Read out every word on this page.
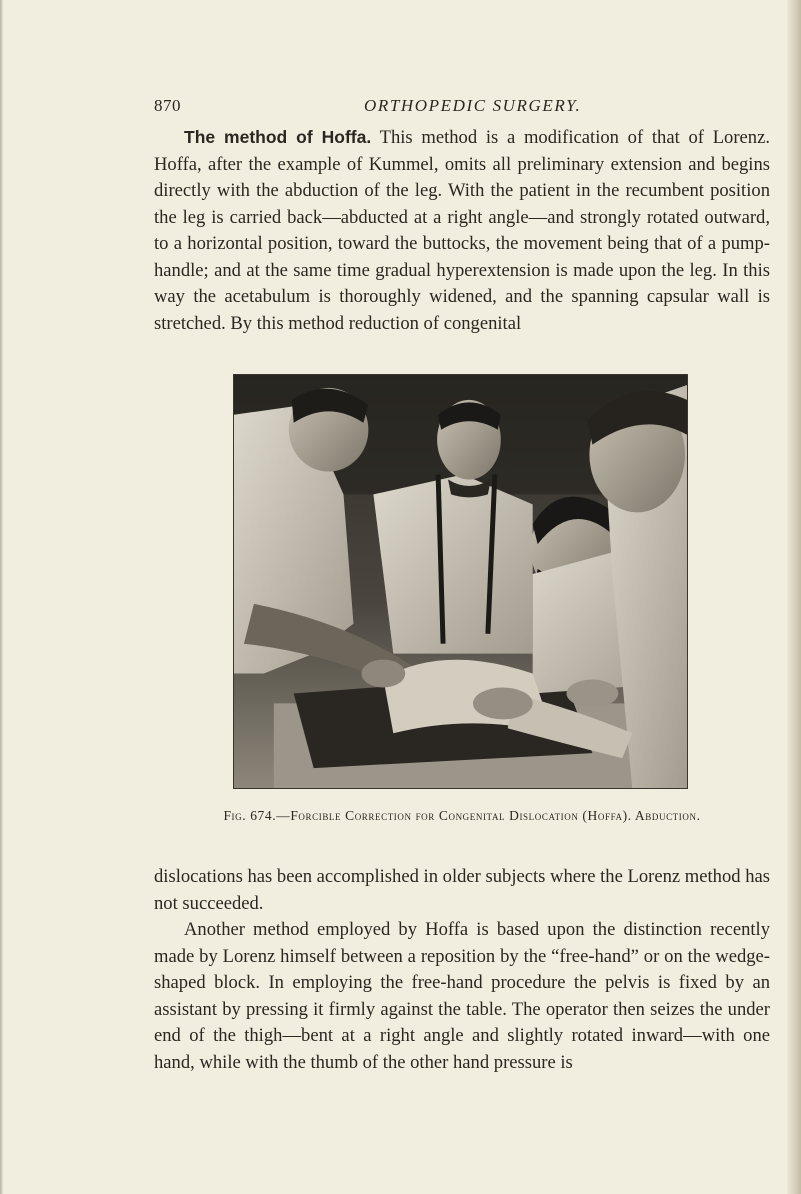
870	ORTHOPEDIC SURGERY.

The method of Hoffa. This method is a modification of that of Lorenz. Hoffa, after the example of Kummel, omits all preliminary extension and begins directly with the abduction of the leg. With the patient in the recumbent position the leg is carried back—abducted at a right angle—and strongly rotated outward, to a horizontal position, toward the buttocks, the movement being that of a pump-handle; and at the same time gradual hyperextension is made upon the leg. In this way the acetabulum is thoroughly widened, and the spanning capsular wall is stretched. By this method reduction of congenital

Fig. 674.—Forcible Correction for Congenital Dislocation (Hoffa). Abduction.

dislocations has been accomplished in older subjects where the Lorenz method has not succeeded.

Another method employed by Hoffa is based upon the distinction recently made by Lorenz himself between a reposition by the “free-hand” or on the wedge-shaped block. In employing the free-hand procedure the pelvis is fixed by an assistant by pressing it firmly against the table. The operator then seizes the under end of the thigh—bent at a right angle and slightly rotated inward—with one hand, while with the thumb of the other hand pressure is
